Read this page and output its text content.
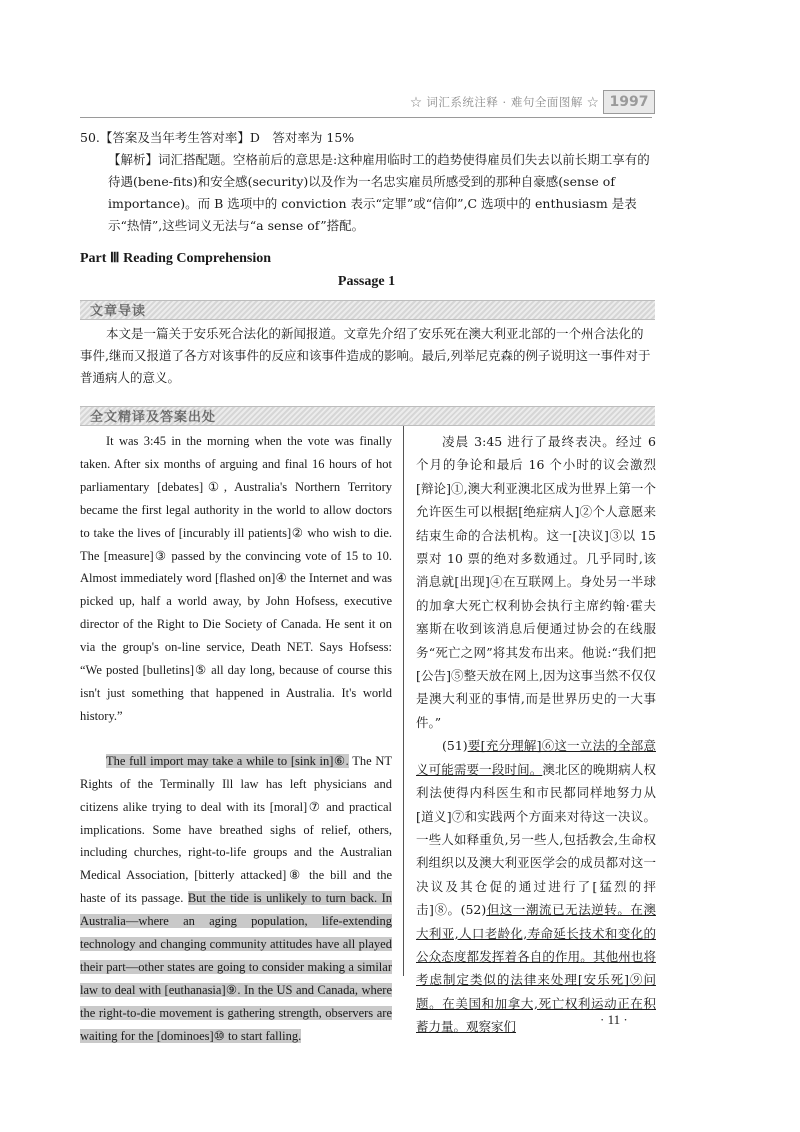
☆ 词汇系统注释 · 难句全面图解 ☆ 1997
50.【答案及当年考生答对率】D　答对率为 15%
【解析】词汇搭配题。空格前后的意思是:这种雇用临时工的趋势使得雇员们失去以前长期工享有的待遇(bene-fits)和安全感(security)以及作为一名忠实雇员所感受到的那种自豪感(sense of importance)。而 B 选项中的 conviction 表示“定罪”或“信仰”,C 选项中的 enthusiasm 是表示“热情”,这些词义无法与“a sense of”搭配。
Part Ⅲ Reading Comprehension
Passage 1
文章导读
本文是一篇关于安乐死合法化的新闻报道。文章先介绍了安乐死在澳大利亚北部的一个州合法化的事件,继而又报道了各方对该事件的反应和该事件造成的影响。最后,列举尼克森的例子说明这一事件对于普通病人的意义。
全文精译及答案出处

It was 3:45 in the morning when the vote was finally taken. After six months of arguing and final 16 hours of hot parliamentary [debates]①, Australia's Northern Territory became the first legal authority in the world to allow doctors to take the lives of [incurably ill patients]② who wish to die. The [measure]③ passed by the convincing vote of 15 to 10. Almost immediately word [flashed on]④ the Internet and was picked up, half a world away, by John Hofsess, executive director of the Right to Die Society of Canada. He sent it on via the group's on-line service, Death NET. Says Hofsess: “We posted [bulletins]⑤ all day long, because of course this isn't just something that happened in Australia. It's world history.”

The full import may take a while to [sink in]⑥. The NT Rights of the Terminally Ill law has left physicians and citizens alike trying to deal with its [moral]⑦ and practical implications. Some have breathed sighs of relief, others, including churches, right-to-life groups and the Australian Medical Association, [bitterly attacked]⑧ the bill and the haste of its passage. But the tide is unlikely to turn back. In Australia—where an aging population, life-extending technology and changing community attitudes have all played their part—other states are going to consider making a similar law to deal with [euthanasia]⑨. In the US and Canada, where the right-to-die movement is gathering strength, observers are waiting for the [dominoes]⑩ to start falling.

凌晨 3:45 进行了最终表决。经过 6 个月的争论和最后 16 个小时的议会激烈[辩论]①,澳大利亚澳北区成为世界上第一个允许医生可以根据[绝症病人]②个人意愿来结束生命的合法机构。这一[决议]③以 15 票对 10 票的绝对多数通过。几乎同时,该消息就[出现]④在互联网上。身处另一半球的加拿大死亡权利协会执行主席约翰·霍夫塞斯在收到该消息后便通过协会的在线服务“死亡之网”将其发布出来。他说:“我们把[公告]⑤整天放在网上,因为这事当然不仅仅是澳大利亚的事情,而是世界历史的一大事件。”

(51)要[充分理解]⑥这一立法的全部意义可能需要一段时间。澳北区的晚期病人权利法使得内科医生和市民都同样地努力从[道义]⑦和实践两个方面来对待这一决议。一些人如释重负,另一些人,包括教会,生命权利组织以及澳大利亚医学会的成员都对这一决议及其仓促的通过进行了[猛烈的抨击]⑧。(52)但这一潮流已无法逆转。在澳大利亚,人口老龄化,寿命延长技术和变化的公众态度都发挥着各自的作用。其他州也将考虑制定类似的法律来处理[安乐死]⑨问题。在美国和加拿大,死亡权利运动正在积蓄力量。观察家们	· 11 ·
